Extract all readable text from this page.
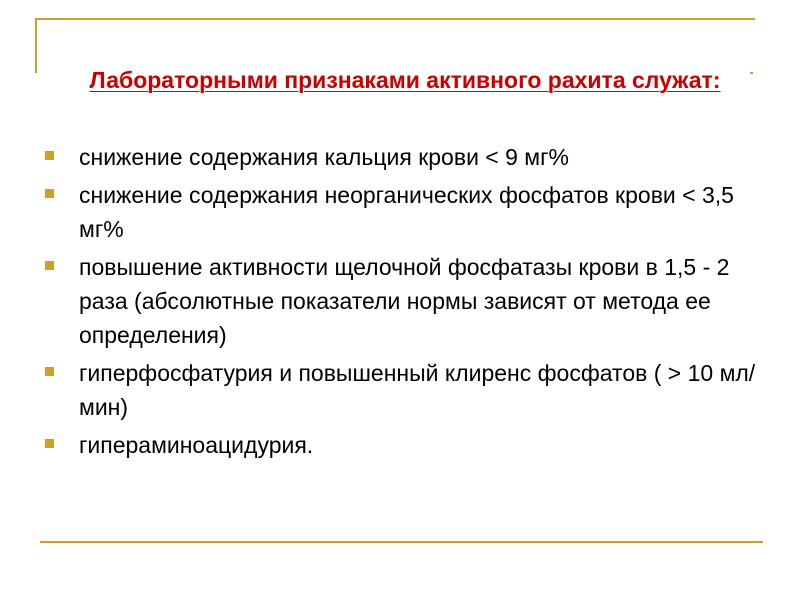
Лабораторными признаками активного рахита служат:
снижение содержания кальция крови < 9 мг%
снижение содержания неорганических фосфатов крови < 3,5 мг%
повышение активности щелочной фосфатазы крови в 1,5 - 2 раза (абсолютные показатели нормы зависят от метода ее определения)
гиперфосфатурия и повышенный клиренс фосфатов ( > 10 мл/мин)
гипераминоацидурия.
